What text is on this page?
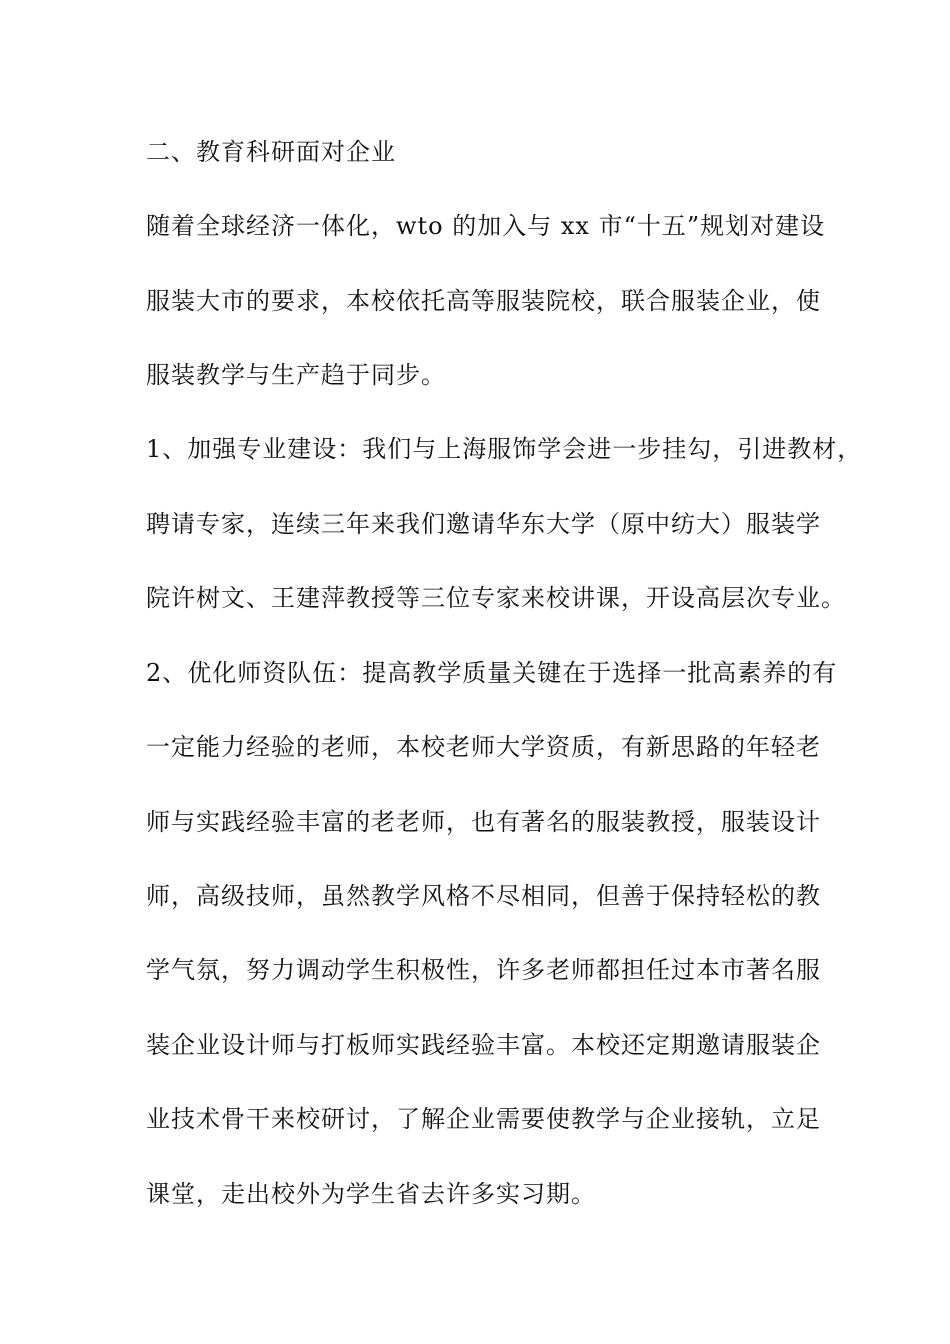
二、教育科研面对企业
随着全球经济一体化，wto 的加入与 xx 市“十五”规划对建设
服装大市的要求，本校依托高等服装院校，联合服装企业，使
服装教学与生产趋于同步。
1、加强专业建设：我们与上海服饰学会进一步挂勾，引进教材，
聘请专家，连续三年来我们邀请华东大学（原中纺大）服装学
院许树文、王建萍教授等三位专家来校讲课，开设高层次专业。
2、优化师资队伍：提高教学质量关键在于选择一批高素养的有
一定能力经验的老师，本校老师大学资质，有新思路的年轻老
师与实践经验丰富的老老师，也有著名的服装教授，服装设计
师，高级技师，虽然教学风格不尽相同，但善于保持轻松的教
学气氛，努力调动学生积极性，许多老师都担任过本市著名服
装企业设计师与打板师实践经验丰富。本校还定期邀请服装企
业技术骨干来校研讨，了解企业需要使教学与企业接轨，立足
课堂，走出校外为学生省去许多实习期。
